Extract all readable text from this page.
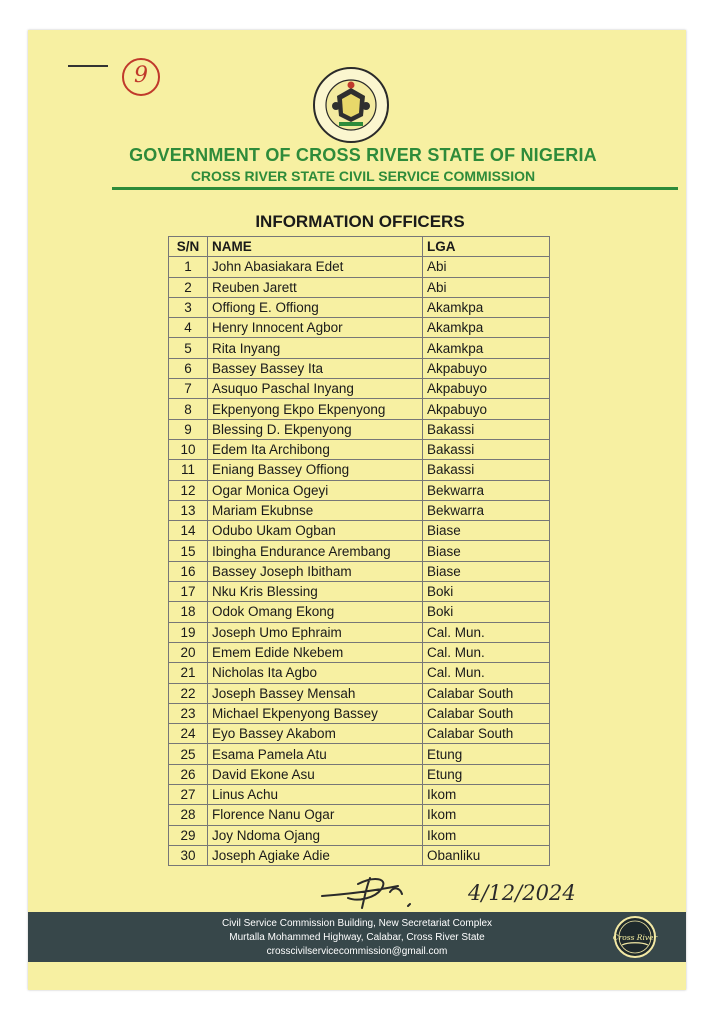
9
GOVERNMENT OF CROSS RIVER STATE OF NIGERIA
CROSS RIVER STATE CIVIL SERVICE COMMISSION
INFORMATION OFFICERS
S/N	NAME	LGA
1	John Abasiakara Edet	Abi
2	Reuben Jarett	Abi
3	Offiong E. Offiong	Akamkpa
4	Henry Innocent Agbor	Akamkpa
5	Rita Inyang	Akamkpa
6	Bassey Bassey Ita	Akpabuyo
7	Asuquo Paschal Inyang	Akpabuyo
8	Ekpenyong Ekpo Ekpenyong	Akpabuyo
9	Blessing D. Ekpenyong	Bakassi
10	Edem Ita Archibong	Bakassi
11	Eniang Bassey Offiong	Bakassi
12	Ogar Monica Ogeyi	Bekwarra
13	Mariam Ekubnse	Bekwarra
14	Odubo Ukam Ogban	Biase
15	Ibingha Endurance Arembang	Biase
16	Bassey Joseph Ibitham	Biase
17	Nku Kris Blessing	Boki
18	Odok Omang Ekong	Boki
19	Joseph Umo Ephraim	Cal. Mun.
20	Emem Edide Nkebem	Cal. Mun.
21	Nicholas Ita Agbo	Cal. Mun.
22	Joseph Bassey Mensah	Calabar South
23	Michael Ekpenyong Bassey	Calabar South
24	Eyo Bassey Akabom	Calabar South
25	Esama Pamela Atu	Etung
26	David Ekone Asu	Etung
27	Linus Achu	Ikom
28	Florence Nanu Ogar	Ikom
29	Joy Ndoma Ojang	Ikom
30	Joseph Agiake Adie	Obanliku
4/12/2024
Civil Service Commission Building, New Secretariat Complex
Murtalla Mohammed Highway, Calabar, Cross River State
crosscivilservicecommission@gmail.com
Cross River
